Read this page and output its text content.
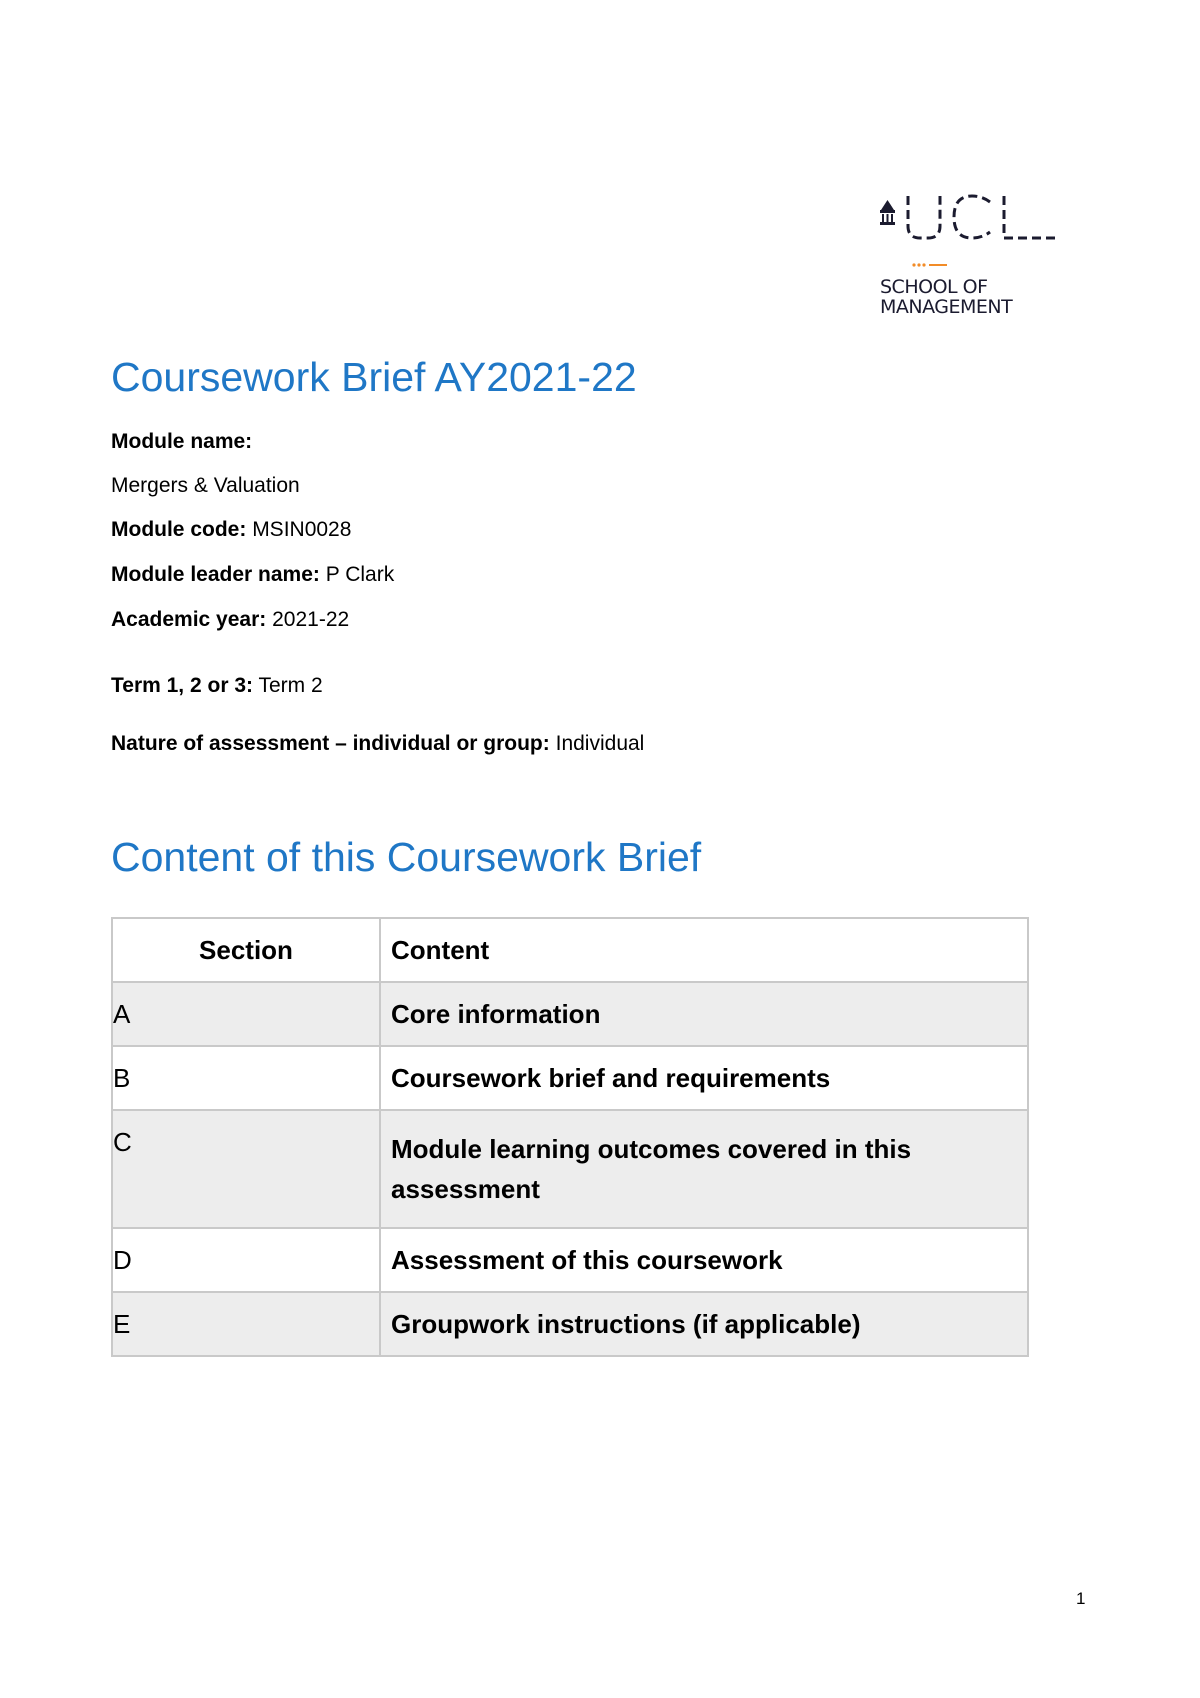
SCHOOL OF
MANAGEMENT
Coursework Brief AY2021-22
Module name:
Mergers & Valuation
Module code: MSIN0028
Module leader name: P Clark
Academic year: 2021-22
Term 1, 2 or 3: Term 2
Nature of assessment – individual or group: Individual
Content of this Coursework Brief
Section	Content
A	Core information
B	Coursework brief and requirements
C	Module learning outcomes covered in this assessment
D	Assessment of this coursework
E	Groupwork instructions (if applicable)
1
